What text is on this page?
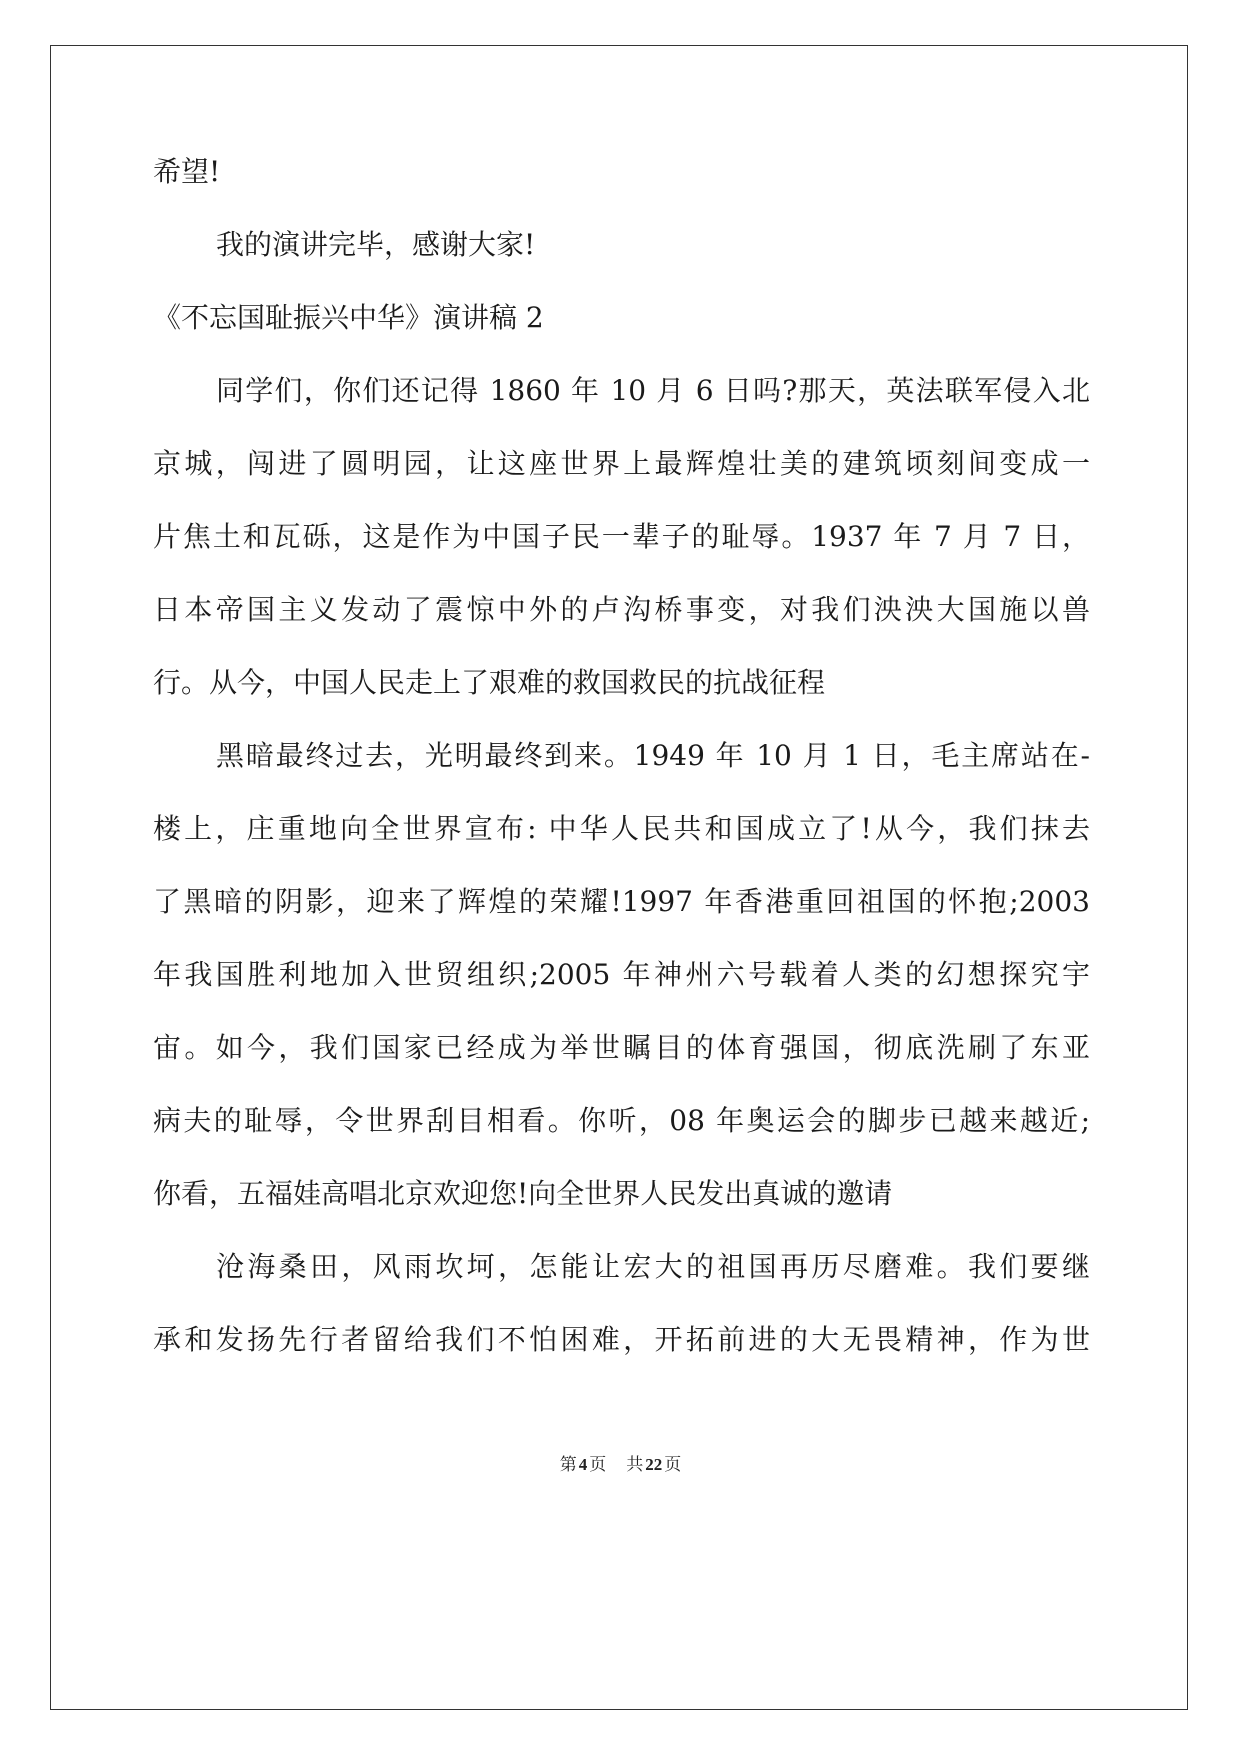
希望!
我的演讲完毕，感谢大家!
《不忘国耻振兴中华》演讲稿 2
同学们，你们还记得 1860 年 10 月 6 日吗?那天，英法联军侵入北
京城，闯进了圆明园，让这座世界上最辉煌壮美的建筑顷刻间变成一
片焦土和瓦砾，这是作为中国子民一辈子的耻辱。1937 年 7 月 7 日，
日本帝国主义发动了震惊中外的卢沟桥事变，对我们泱泱大国施以兽
行。从今，中国人民走上了艰难的救国救民的抗战征程
黑暗最终过去，光明最终到来。1949 年 10 月 1 日，毛主席站在-
楼上，庄重地向全世界宣布: 中华人民共和国成立了!从今，我们抹去
了黑暗的阴影，迎来了辉煌的荣耀!1997 年香港重回祖国的怀抱;2003
年我国胜利地加入世贸组织;2005 年神州六号载着人类的幻想探究宇
宙。如今，我们国家已经成为举世瞩目的体育强国，彻底洗刷了东亚
病夫的耻辱，令世界刮目相看。你听，08 年奥运会的脚步已越来越近;
你看，五福娃高唱北京欢迎您!向全世界人民发出真诚的邀请
沧海桑田，风雨坎坷，怎能让宏大的祖国再历尽磨难。我们要继
承和发扬先行者留给我们不怕困难，开拓前进的大无畏精神，作为世
第 4 页 共 22 页
